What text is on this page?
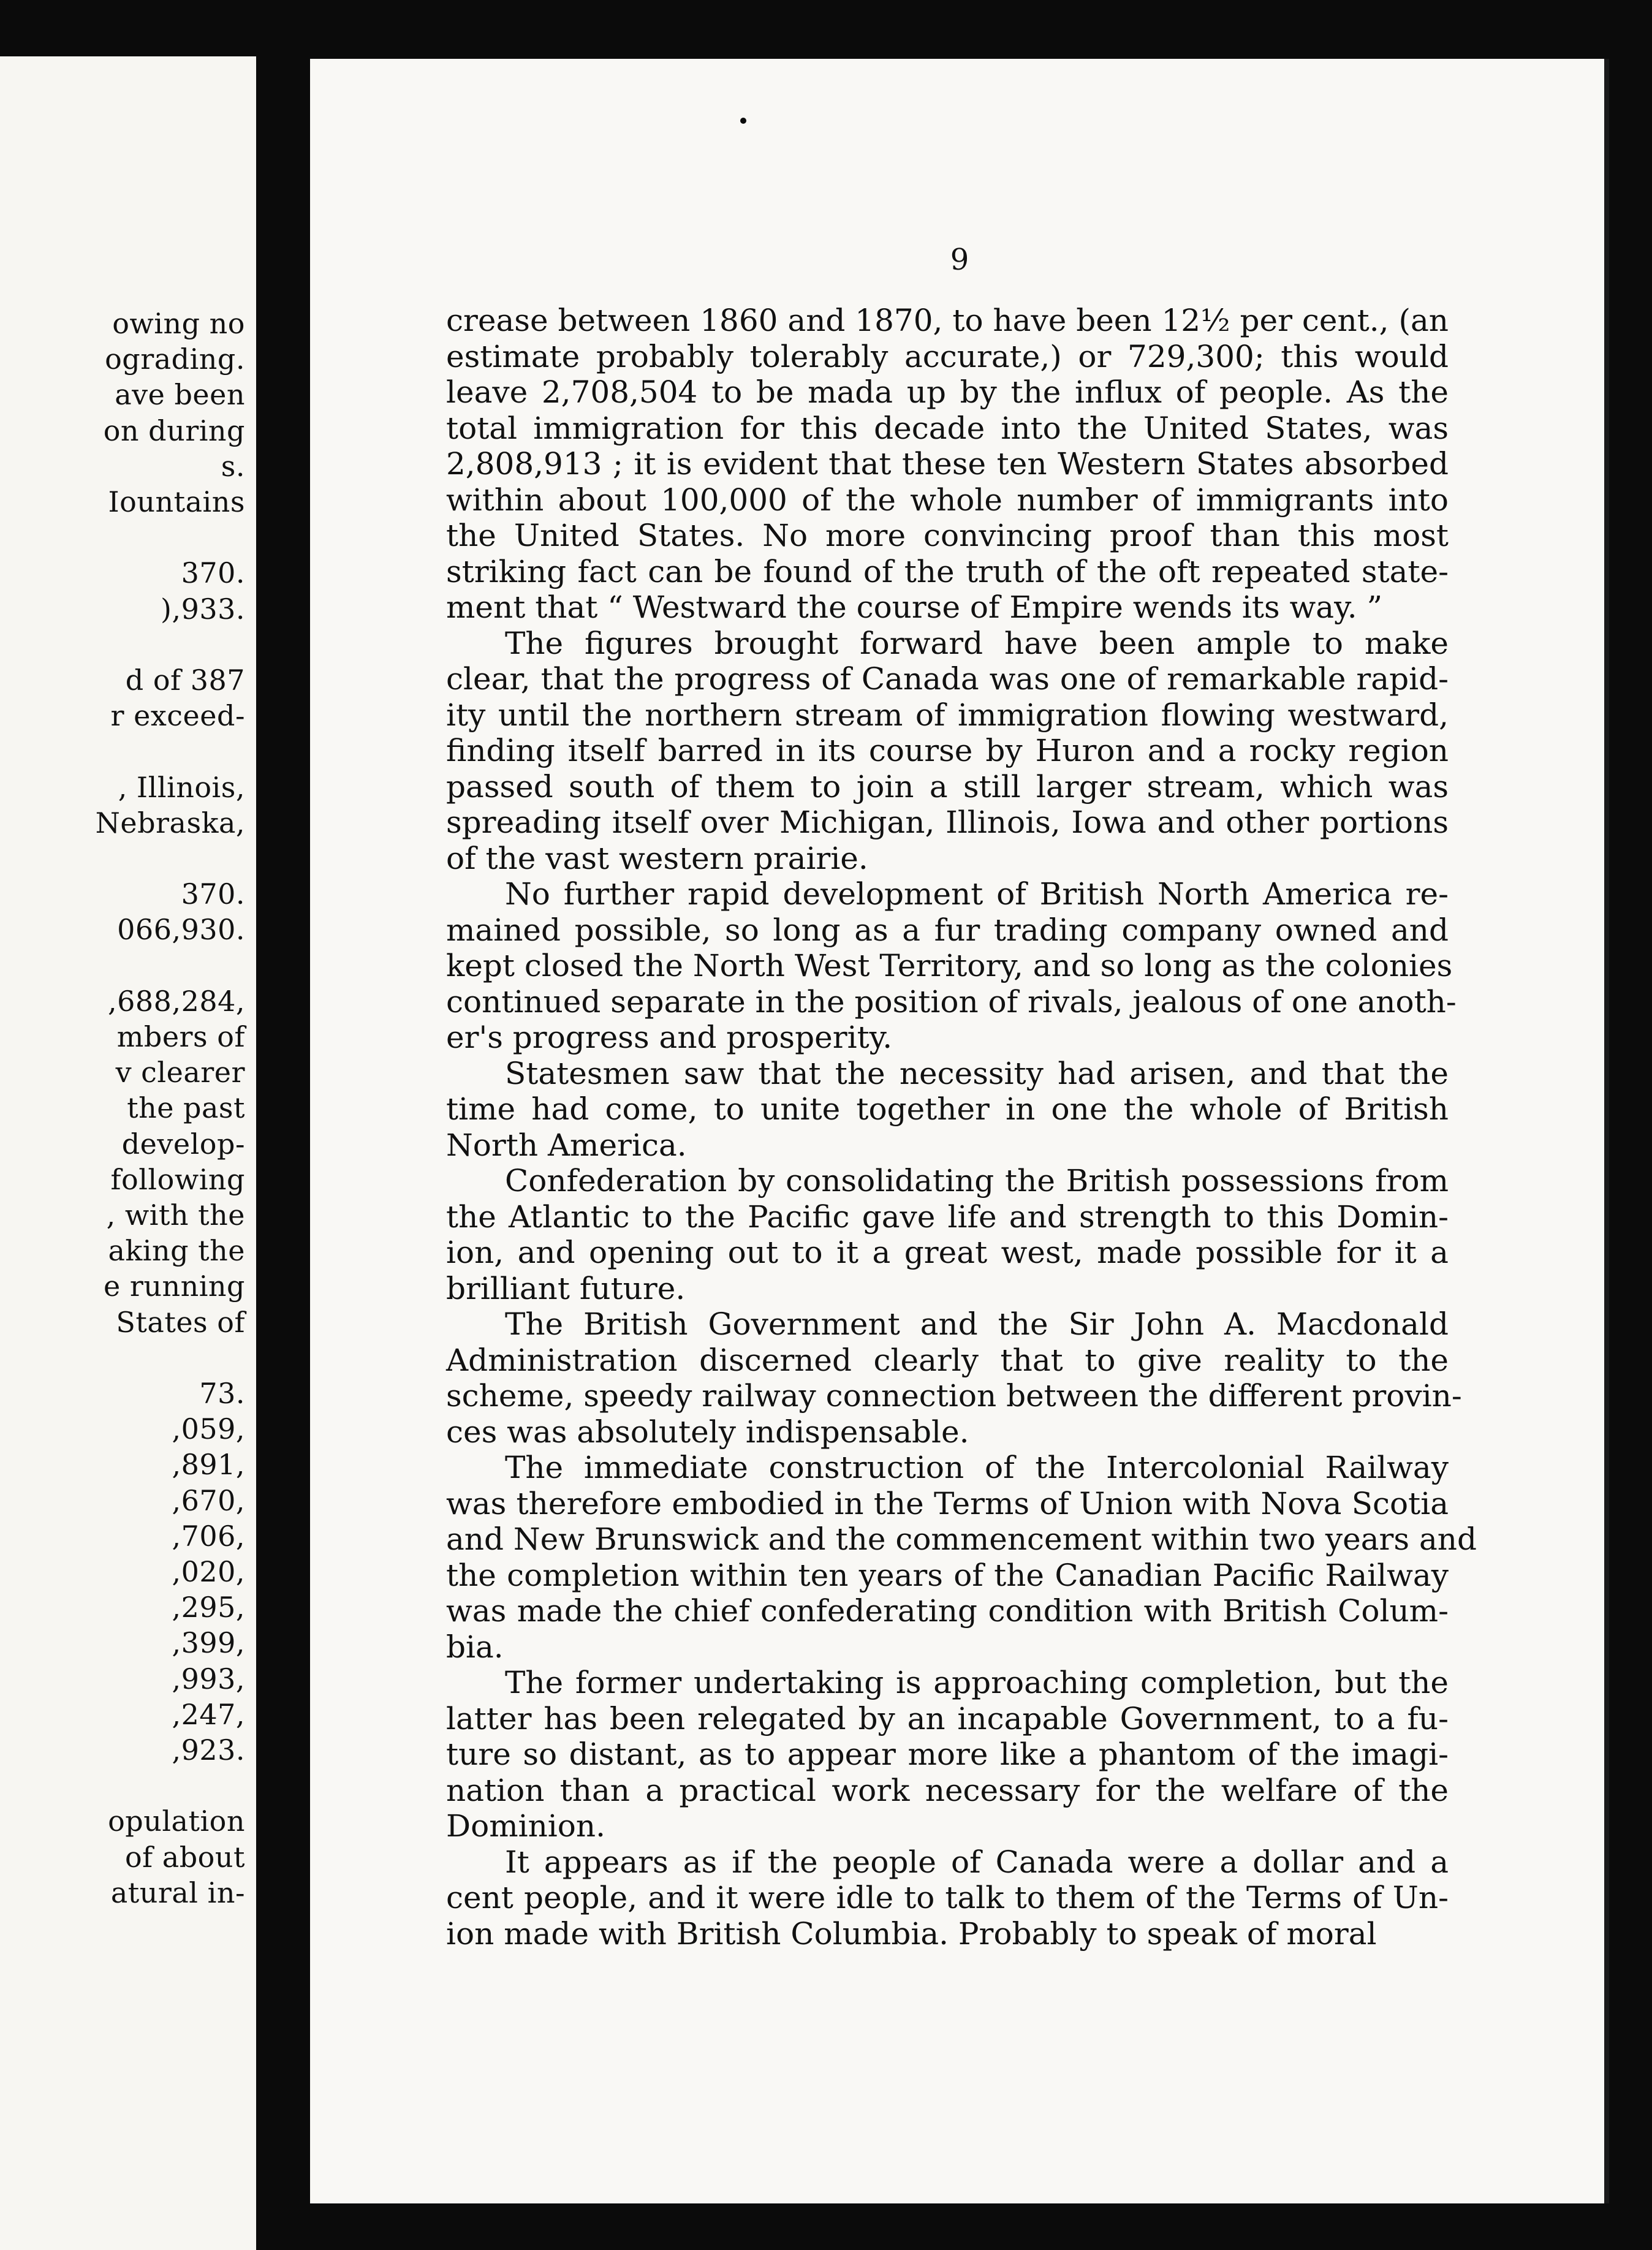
owing no
ograding.
ave been
on during
s.
Iountains
370.
),933.
d of 387
r exceed-
, Illinois,
Nebraska,
370.
066,930.
,688,284,
mbers of
v clearer
the past
develop-
following
, with the
aking the
e running
States of
73.
,059,
,891,
,670,
,706,
,020,
,295,
,399,
,993,
,247,
,923.
opulation
of about
atural in-
9
crease between 1860 and 1870, to have been 12½ per cent., (an
estimate probably tolerably accurate,) or 729,300; this would
leave 2,708,504 to be mada up by the influx of people. As the
total immigration for this decade into the United States, was
2,808,913 ; it is evident that these ten Western States absorbed
within about 100,000 of the whole number of immigrants into
the United States. No more convincing proof than this most
striking fact can be found of the truth of the oft repeated state-
ment that “ Westward the course of Empire wends its way. ”
The figures brought forward have been ample to make
clear, that the progress of Canada was one of remarkable rapid-
ity until the northern stream of immigration flowing westward,
finding itself barred in its course by Huron and a rocky region
passed south of them to join a still larger stream, which was
spreading itself over Michigan, Illinois, Iowa and other portions
of the vast western prairie.
No further rapid development of British North America re-
mained possible, so long as a fur trading company owned and
kept closed the North West Territory, and so long as the colonies
continued separate in the position of rivals, jealous of one anoth-
er's progress and prosperity.
Statesmen saw that the necessity had arisen, and that the
time had come, to unite together in one the whole of British
North America.
Confederation by consolidating the British possessions from
the Atlantic to the Pacific gave life and strength to this Domin-
ion, and opening out to it a great west, made possible for it a
brilliant future.
The British Government and the Sir John A. Macdonald
Administration discerned clearly that to give reality to the
scheme, speedy railway connection between the different provin-
ces was absolutely indispensable.
The immediate construction of the Intercolonial Railway
was therefore embodied in the Terms of Union with Nova Scotia
and New Brunswick and the commencement within two years and
the completion within ten years of the Canadian Pacific Railway
was made the chief confederating condition with British Colum-
bia.
The former undertaking is approaching completion, but the
latter has been relegated by an incapable Government, to a fu-
ture so distant, as to appear more like a phantom of the imagi-
nation than a practical work necessary for the welfare of the
Dominion.
It appears as if the people of Canada were a dollar and a
cent people, and it were idle to talk to them of the Terms of Un-
ion made with British Columbia. Probably to speak of moral
